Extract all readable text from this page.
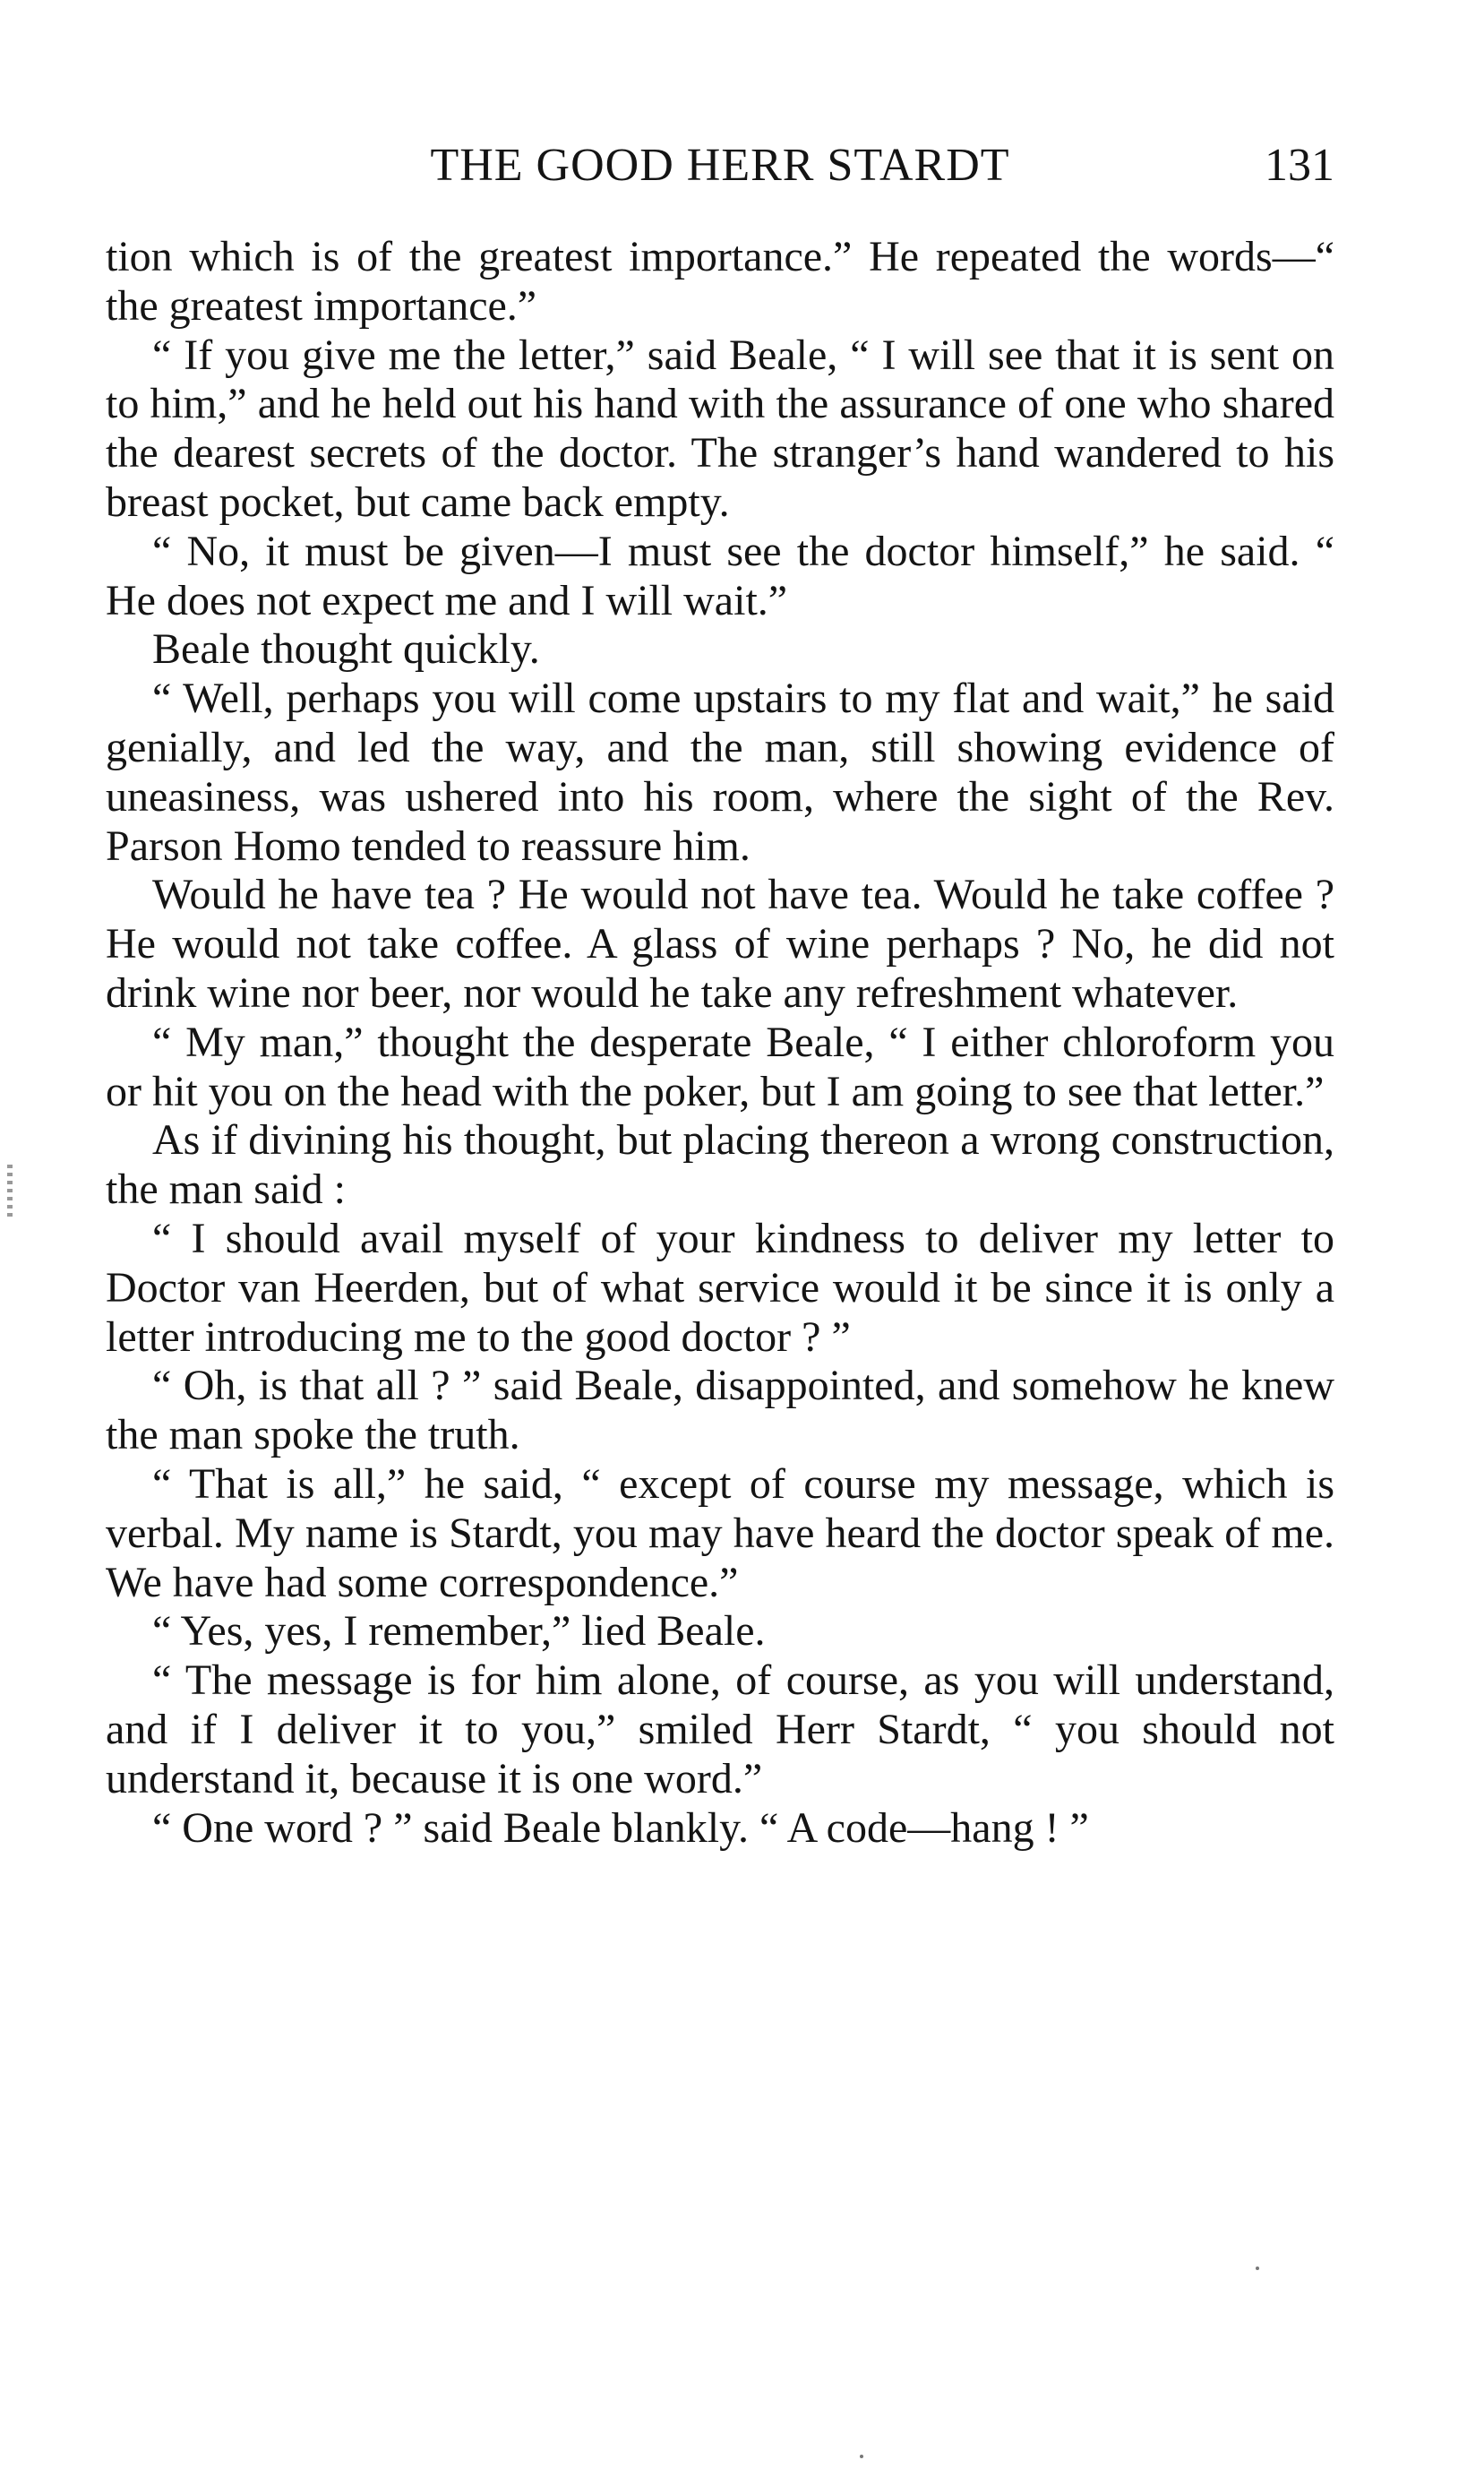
THE GOOD HERR STARDT	131

tion which is of the greatest importance.” He repeated the words—“ the greatest importance.”

“ If you give me the letter,” said Beale, “ I will see that it is sent on to him,” and he held out his hand with the assurance of one who shared the dearest secrets of the doctor. The stranger’s hand wandered to his breast pocket, but came back empty.

“ No, it must be given—I must see the doctor himself,” he said. “ He does not expect me and I will wait.”

Beale thought quickly.

“ Well, perhaps you will come upstairs to my flat and wait,” he said genially, and led the way, and the man, still showing evidence of uneasiness, was ushered into his room, where the sight of the Rev. Parson Homo tended to reassure him.

Would he have tea ? He would not have tea. Would he take coffee ? He would not take coffee. A glass of wine perhaps ? No, he did not drink wine nor beer, nor would he take any refreshment whatever.

“ My man,” thought the desperate Beale, “ I either chloroform you or hit you on the head with the poker, but I am going to see that letter.”

As if divining his thought, but placing thereon a wrong construction, the man said :

“ I should avail myself of your kindness to deliver my letter to Doctor van Heerden, but of what service would it be since it is only a letter introducing me to the good doctor ? ”

“ Oh, is that all ? ” said Beale, disappointed, and somehow he knew the man spoke the truth.

“ That is all,” he said, “ except of course my message, which is verbal. My name is Stardt, you may have heard the doctor speak of me. We have had some correspondence.”

“ Yes, yes, I remember,” lied Beale.

“ The message is for him alone, of course, as you will understand, and if I deliver it to you,” smiled Herr Stardt, “ you should not understand it, because it is one word.”

“ One word ? ” said Beale blankly. “ A code—hang ! ”
